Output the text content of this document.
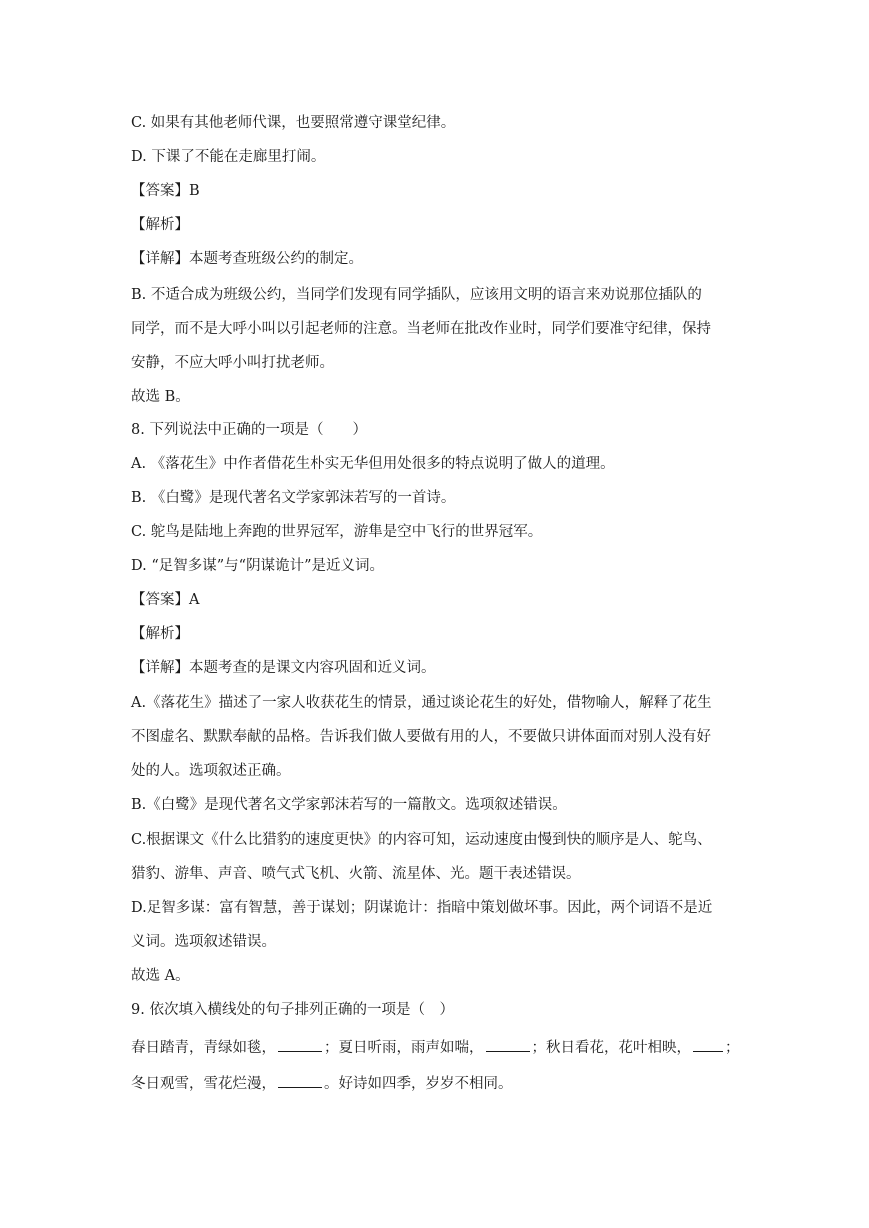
C. 如果有其他老师代课，也要照常遵守课堂纪律。
D. 下课了不能在走廊里打闹。
【答案】B
【解析】
【详解】本题考查班级公约的制定。
B. 不适合成为班级公约，当同学们发现有同学插队，应该用文明的语言来劝说那位插队的
同学，而不是大呼小叫以引起老师的注意。当老师在批改作业时，同学们要准守纪律，保持
安静，不应大呼小叫打扰老师。
故选 B。
8. 下列说法中正确的一项是（　　）
A. 《落花生》中作者借花生朴实无华但用处很多的特点说明了做人的道理。
B. 《白鹭》是现代著名文学家郭沫若写的一首诗。
C. 鸵鸟是陆地上奔跑的世界冠军，游隼是空中飞行的世界冠军。
D. “足智多谋”与“阴谋诡计”是近义词。
【答案】A
【解析】
【详解】本题考查的是课文内容巩固和近义词。
A.《落花生》描述了一家人收获花生的情景，通过谈论花生的好处，借物喻人，解释了花生
不图虚名、默默奉献的品格。告诉我们做人要做有用的人，不要做只讲体面而对别人没有好
处的人。选项叙述正确。
B.《白鹭》是现代著名文学家郭沫若写的一篇散文。选项叙述错误。
C.根据课文《什么比猎豹的速度更快》的内容可知，运动速度由慢到快的顺序是人、鸵鸟、
猎豹、游隼、声音、喷气式飞机、火箭、流星体、光。题干表述错误。
D.足智多谋：富有智慧，善于谋划；阴谋诡计：指暗中策划做坏事。因此，两个词语不是近
义词。选项叙述错误。
故选 A。
9. 依次填入横线处的句子排列正确的一项是（　）
春日踏青，青绿如毯，	；夏日听雨，雨声如喘，	；秋日看花，花叶相映， ；
冬日观雪，雪花烂漫，	。好诗如四季，岁岁不相同。
